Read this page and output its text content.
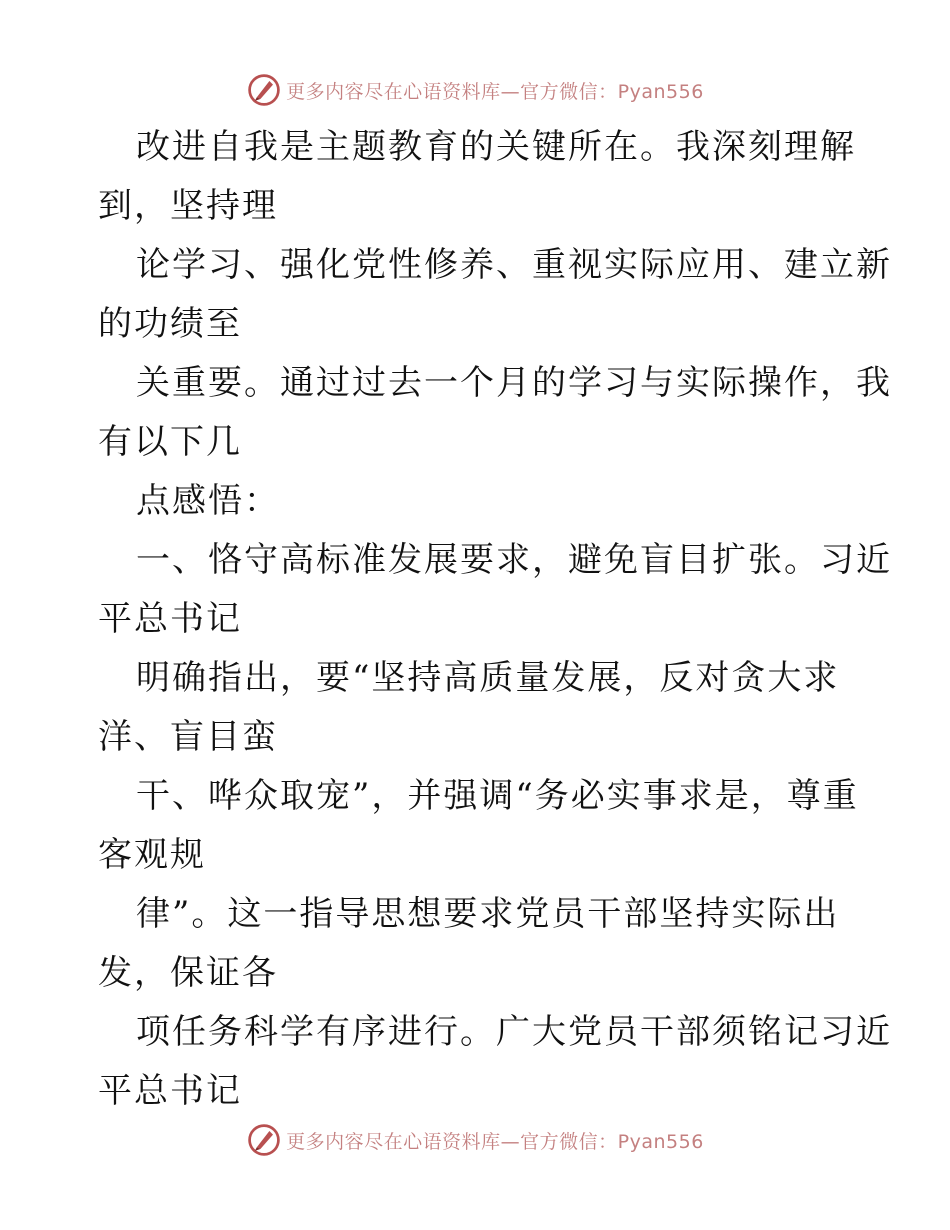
更多内容尽在心语资料库—官方微信：Pyan556
改进自我是主题教育的关键所在。我深刻理解
到，坚持理
论学习、强化党性修养、重视实际应用、建立新
的功绩至
关重要。通过过去一个月的学习与实际操作，我
有以下几
点感悟：
一、恪守高标准发展要求，避免盲目扩张。习近
平总书记
明确指出，要“坚持高质量发展，反对贪大求
洋、盲目蛮
干、哗众取宠”，并强调“务必实事求是，尊重
客观规
律”。这一指导思想要求党员干部坚持实际出
发，保证各
项任务科学有序进行。广大党员干部须铭记习近
平总书记
更多内容尽在心语资料库—官方微信：Pyan556
